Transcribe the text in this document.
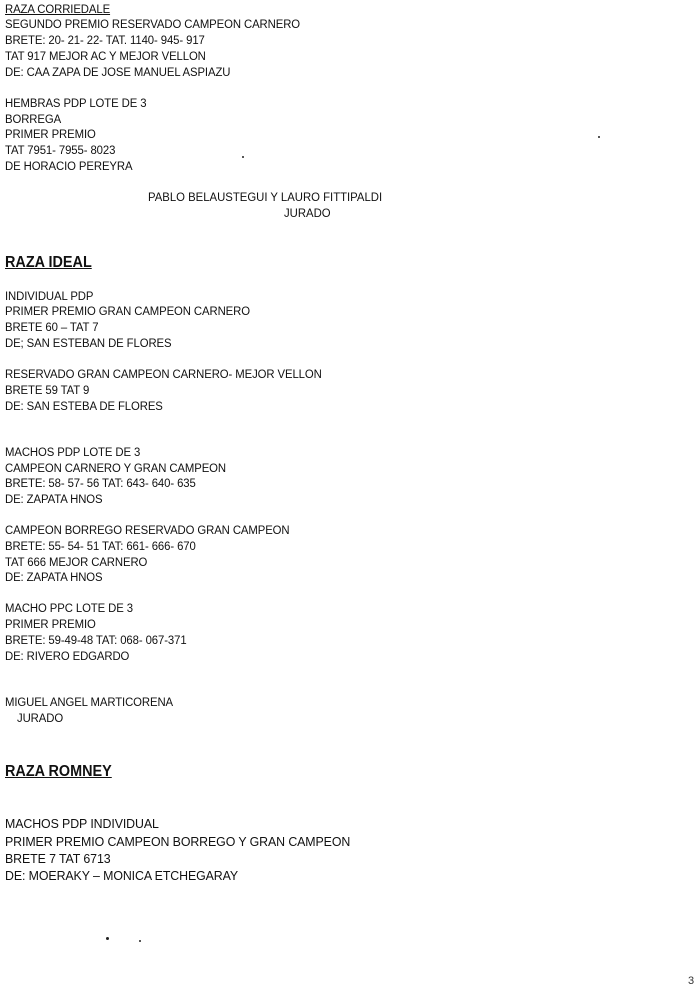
RAZA CORRIEDALE
SEGUNDO PREMIO RESERVADO CAMPEON CARNERO
BRETE: 20- 21- 22- TAT. 1140- 945- 917
TAT 917 MEJOR AC Y MEJOR VELLON
DE: CAA ZAPA DE JOSE MANUEL ASPIAZU
HEMBRAS PDP LOTE DE 3
BORREGA
PRIMER PREMIO
TAT 7951- 7955- 8023
DE HORACIO PEREYRA
PABLO BELAUSTEGUI Y LAURO FITTIPALDI
JURADO
RAZA IDEAL
INDIVIDUAL PDP
PRIMER PREMIO GRAN CAMPEON CARNERO
BRETE 60 – TAT 7
DE; SAN ESTEBAN DE FLORES
RESERVADO GRAN CAMPEON CARNERO- MEJOR VELLON
BRETE 59 TAT 9
DE: SAN ESTEBA DE FLORES
MACHOS PDP LOTE DE 3
CAMPEON CARNERO Y GRAN CAMPEON
BRETE: 58- 57- 56 TAT: 643- 640- 635
DE: ZAPATA HNOS
CAMPEON BORREGO RESERVADO GRAN CAMPEON
BRETE: 55- 54- 51 TAT: 661- 666- 670
TAT 666 MEJOR CARNERO
DE: ZAPATA HNOS
MACHO PPC LOTE DE 3
PRIMER PREMIO
BRETE: 59-49-48 TAT: 068- 067-371
DE: RIVERO EDGARDO
MIGUEL ANGEL MARTICORENA
JURADO
RAZA ROMNEY
MACHOS PDP INDIVIDUAL
PRIMER PREMIO CAMPEON BORREGO Y GRAN CAMPEON
BRETE 7 TAT 6713
DE: MOERAKY – MONICA ETCHEGARAY
3
